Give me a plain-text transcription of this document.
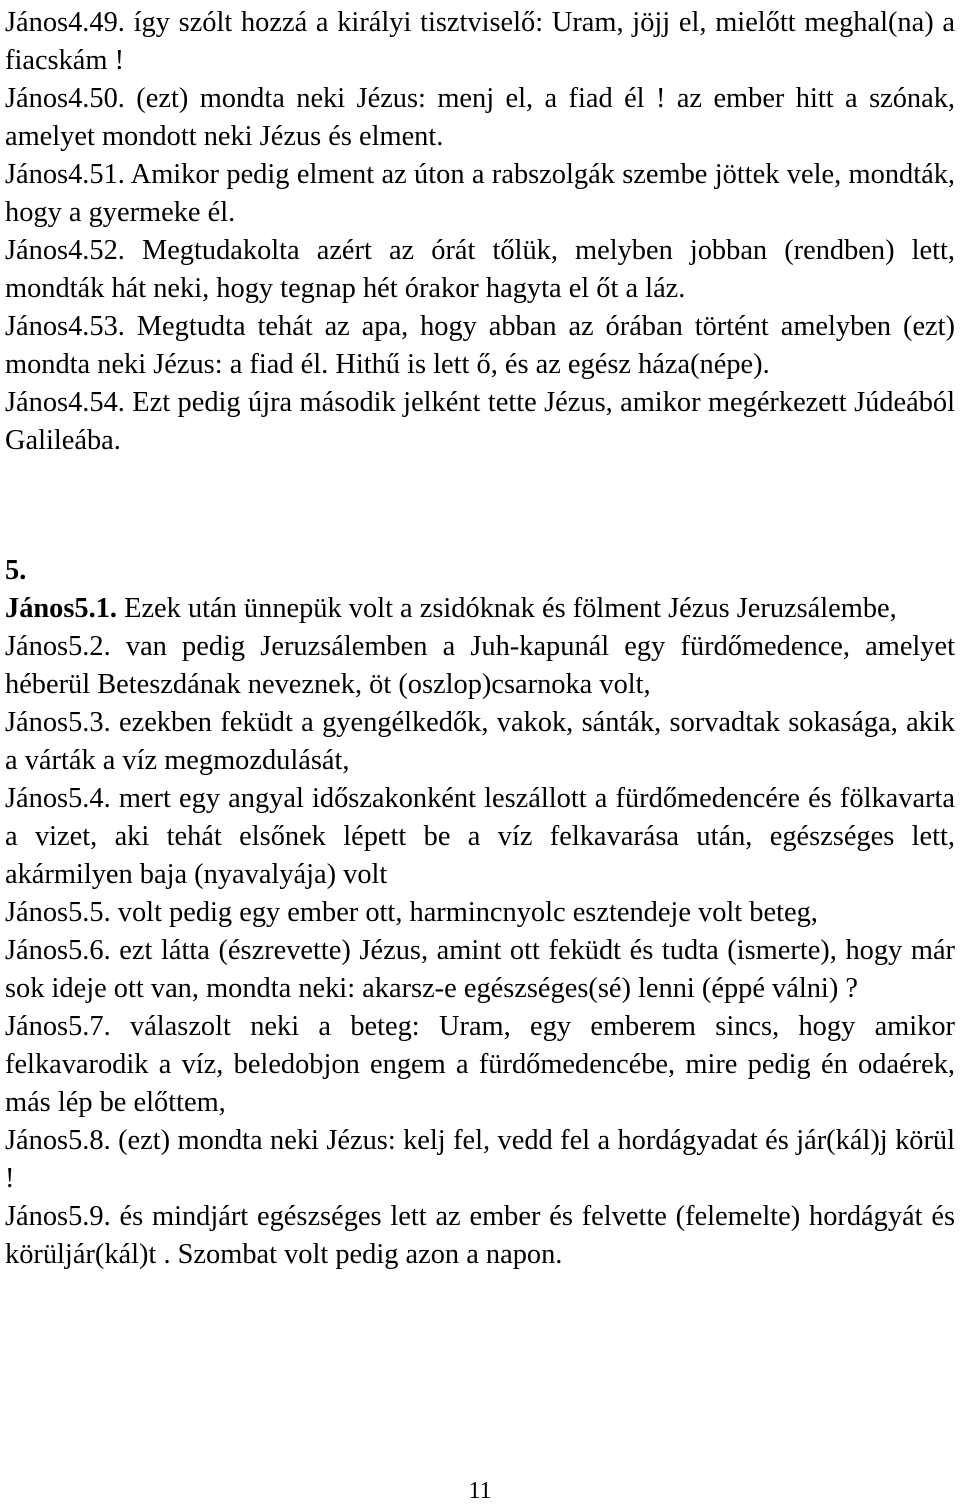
János4.49. így szólt hozzá a királyi tisztviselő: Uram, jöjj el, mielőtt meghal(na) a fiacskám !

János4.50. (ezt) mondta neki Jézus: menj el, a fiad él ! az ember hitt a szónak, amelyet mondott neki Jézus és elment.

János4.51. Amikor pedig elment az úton a rabszolgák szembe jöttek vele, mondták, hogy a gyermeke él.

János4.52. Megtudakolta azért az órát tőlük, melyben jobban (rendben) lett, mondták hát neki, hogy tegnap hét órakor hagyta el őt a láz.

János4.53. Megtudta tehát az apa, hogy abban az órában történt amelyben (ezt) mondta neki Jézus: a fiad él. Hithű is lett ő, és az egész háza(népe).

János4.54. Ezt pedig újra második jelként tette Jézus, amikor megérkezett Júdeából Galileába.

5.

János5.1. Ezek után ünnepük volt a zsidóknak és fölment Jézus Jeruzsálembe,

János5.2. van pedig Jeruzsálemben a Juh-kapunál egy fürdőmedence, amelyet héberül Beteszdának neveznek, öt (oszlop)csarnoka volt,

János5.3. ezekben feküdt a gyengélkedők, vakok, sánták, sorvadtak sokasága, akik a várták a víz megmozdulását,

János5.4. mert egy angyal időszakonként leszállott a fürdőmedencére és fölkavarta a vizet, aki tehát elsőnek lépett be a víz felkavarása után, egészséges lett, akármilyen baja (nyavalyája) volt

János5.5. volt pedig egy ember ott, harmincnyolc esztendeje volt beteg,

János5.6. ezt látta (észrevette) Jézus, amint ott feküdt és tudta (ismerte), hogy már sok ideje ott van, mondta neki: akarsz-e egészséges(sé) lenni (éppé válni) ?

János5.7. válaszolt neki a beteg: Uram, egy emberem sincs, hogy amikor felkavarodik a víz, beledobjon engem a fürdőmedencébe, mire pedig én odaérek, más lép be előttem,

János5.8. (ezt) mondta neki Jézus: kelj fel, vedd fel a hordágyadat és jár(kál)j körül !

János5.9. és mindjárt egészséges lett az ember és felvette (felemelte) hordágyát és körüljár(kál)t . Szombat volt pedig azon a napon.

11
